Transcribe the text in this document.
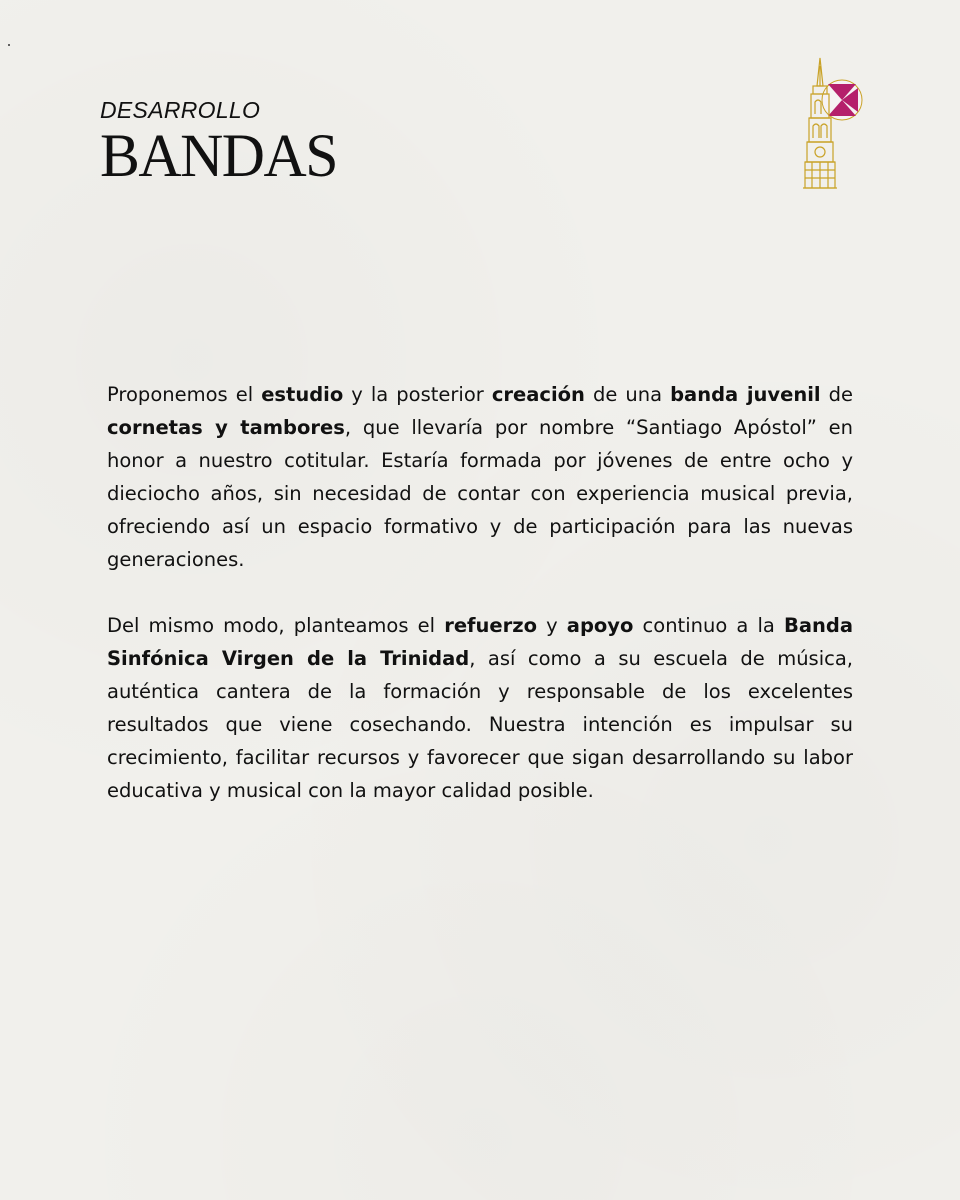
DESARROLLO
BANDAS

Proponemos el estudio y la posterior creación de una banda juvenil de cornetas y tambores, que llevaría por nombre “Santiago Apóstol” en honor a nuestro cotitular. Estaría formada por jóvenes de entre ocho y dieciocho años, sin necesidad de contar con experiencia musical previa, ofreciendo así un espacio formativo y de participación para las nuevas generaciones.

Del mismo modo, planteamos el refuerzo y apoyo continuo a la Banda Sinfónica Virgen de la Trinidad, así como a su escuela de música, auténtica cantera de la formación y responsable de los excelentes resultados que viene cosechando. Nuestra intención es impulsar su crecimiento, facilitar recursos y favorecer que sigan desarrollando su labor educativa y musical con la mayor calidad posible.
